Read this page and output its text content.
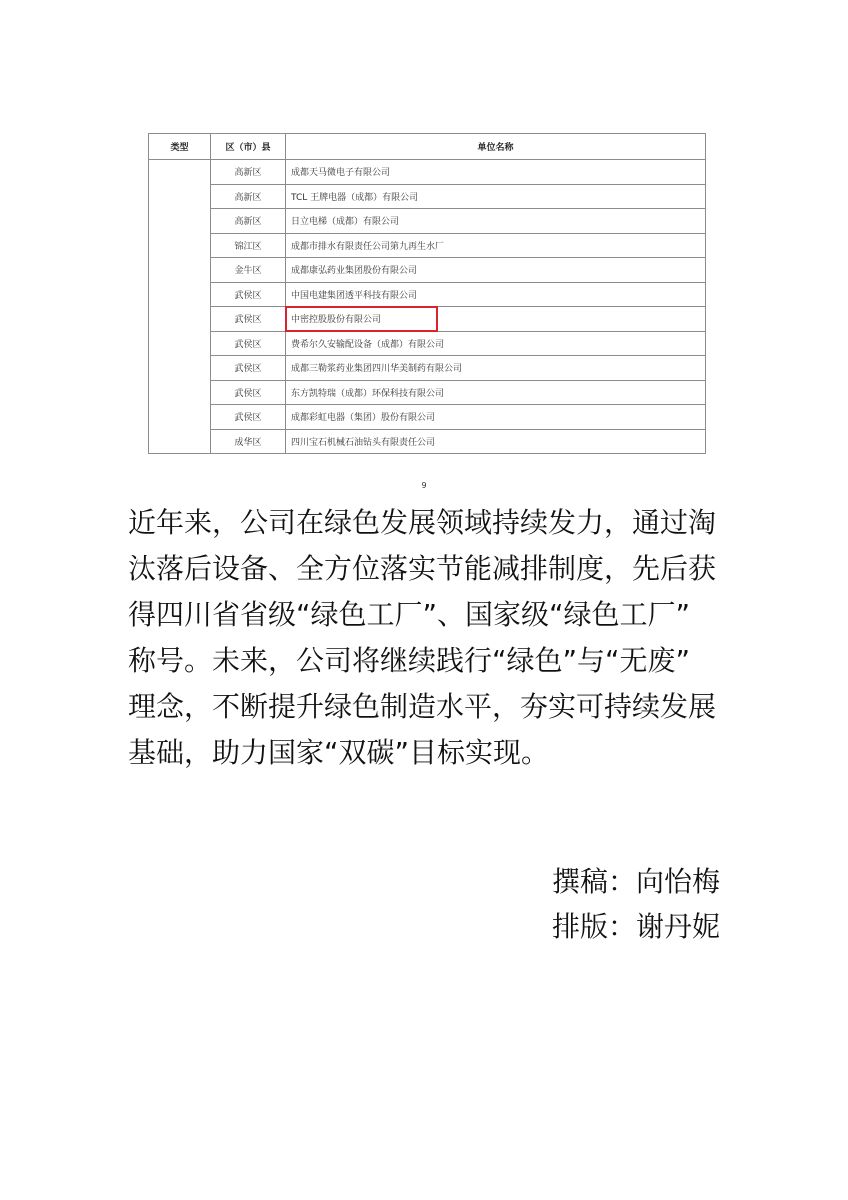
类型	区（市）县	单位名称
	高新区	成都天马微电子有限公司
	高新区	TCL 王牌电器（成都）有限公司
	高新区	日立电梯（成都）有限公司
	锦江区	成都市排水有限责任公司第九再生水厂
	金牛区	成都康弘药业集团股份有限公司
	武侯区	中国电建集团透平科技有限公司
	武侯区	中密控股股份有限公司
	武侯区	费希尔久安输配设备（成都）有限公司
	武侯区	成都三勒浆药业集团四川华美制药有限公司
	武侯区	东方凯特瑞（成都）环保科技有限公司
	武侯区	成都彩虹电器（集团）股份有限公司
	成华区	四川宝石机械石油钻头有限责任公司
9
近年来，公司在绿色发展领域持续发力，通过淘
汰落后设备、全方位落实节能减排制度，先后获
得四川省省级“绿色工厂”、国家级“绿色工厂”
称号。未来，公司将继续践行“绿色”与“无废”
理念，不断提升绿色制造水平，夯实可持续发展
基础，助力国家“双碳”目标实现。
撰稿：向怡梅
排版：谢丹妮
